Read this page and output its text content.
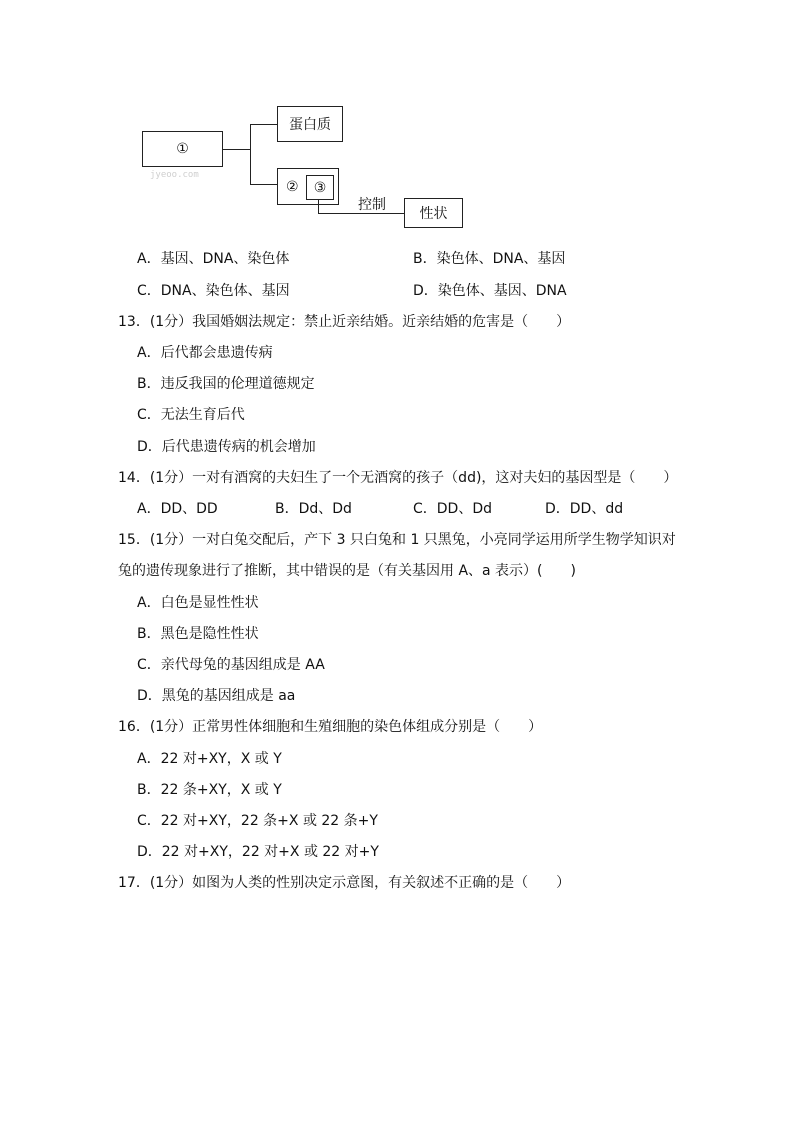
①
蛋白质
② ③
控制
性状
jyeoo.com
A．基因、DNA、染色体	B．染色体、DNA、基因
C．DNA、染色体、基因	D．染色体、基因、DNA
13．(1分）我国婚姻法规定：禁止近亲结婚。近亲结婚的危害是（　　）
A．后代都会患遗传病
B．违反我国的伦理道德规定
C．无法生育后代
D．后代患遗传病的机会增加
14．(1分）一对有酒窝的夫妇生了一个无酒窝的孩子（dd)，这对夫妇的基因型是（　　）
A．DD、DD	B．Dd、Dd	C．DD、Dd	D．DD、dd
15．(1分）一对白兔交配后，产下 3 只白兔和 1 只黑兔，小亮同学运用所学生物学知识对
兔的遗传现象进行了推断，其中错误的是（有关基因用 A、a 表示）(　　)
A．白色是显性性状
B．黑色是隐性性状
C．亲代母兔的基因组成是 AA
D．黑兔的基因组成是 aa
16．(1分）正常男性体细胞和生殖细胞的染色体组成分别是（　　）
A．22 对+XY，X 或 Y
B．22 条+XY，X 或 Y
C．22 对+XY，22 条+X 或 22 条+Y
D．22 对+XY，22 对+X 或 22 对+Y
17．(1分）如图为人类的性别决定示意图，有关叙述不正确的是（　　）
